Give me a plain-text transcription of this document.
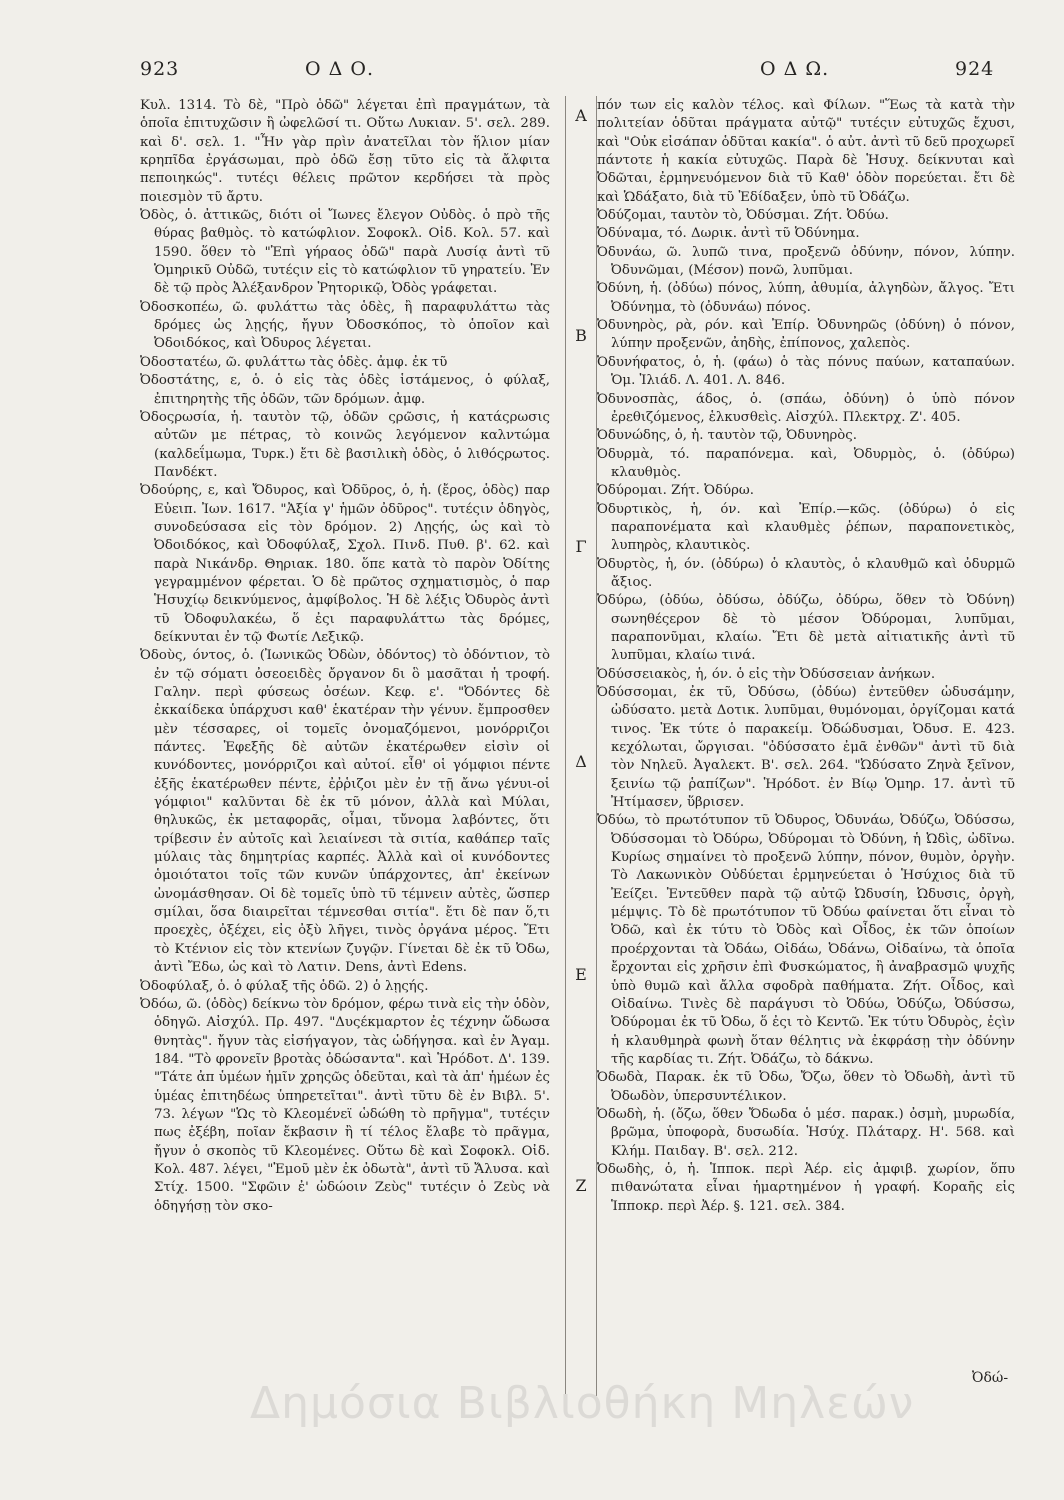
923	Ο Δ Ο.	Ο Δ Ω.	924

Κυλ. 1314. Τὸ δὲ, "Πρὸ ὁδῶ" λέγεται ἐπὶ πραγμάτων, τὰ ὁποῖα ἐπιτυχῶσιν ἢ ὠφελῶσί τι. Οὕτω Λυκιαν. 5'. σελ. 289. καὶ δ'. σελ. 1. "Ἦν γὰρ πρὶν ἀνατεῖλαι τὸν ἥλιον μίαν κρηπῖδα ἐργάσωμαι, πρὸ ὁδῶ ἔσῃ τῦτο εἰς τὰ ἄλφιτα πεποιηκώς". τυτέςι θέλεις πρῶτον κερδήσει τὰ πρὸς ποιεσμὸν τῦ ἄρτυ.

Ὀδὸς, ὁ. ἀττικῶς, διότι οἱ Ἴωνες ἔλεγον Οὐδὸς. ὁ πρὸ τῆς θύρας βαθμὸς. τὸ κατώφλιον. Σοφοκλ. Οἰδ. Κολ. 57. καὶ 1590. ὅθεν τὸ "Ἐπὶ γήραος ὀδῶ" παρὰ Λυσίᾳ ἀντὶ τῦ Ὁμηρικῦ Οὐδῶ, τυτέςιν εἰς τὸ κατώφλιον τῦ γηρατείυ. Ἐν δὲ τῷ πρὸς Ἀλέξανδρον Ῥητορικῷ, Ὀδὸς γράφεται.

Ὀδοσκοπέω, ῶ. φυλάττω τὰς ὁδὲς, ἢ παραφυλάττω τὰς δρόμες ὡς λῃςής, ἤγυν Ὀδοσκόπος, τὸ ὁποῖον καὶ Ὀδοιδόκος, καὶ Ὀδυρος λέγεται.

Ὀδοστατέω, ῶ. φυλάττω τὰς ὁδὲς. ἀμφ. ἐκ τῦ

Ὀδοστάτης, ε, ὁ. ὁ εἰς τὰς ὁδὲς ἱστάμενος, ὁ φύλαξ, ἐπιτηρητὴς τῆς ὁδῶν, τῶν δρόμων. ἀμφ.

Ὀδοςρωσία, ἡ. ταυτὸν τῷ, ὁδῶν ςρῶσις, ἡ κατάςρωσις αὐτῶν με πέτρας, τὸ κοινῶς λεγόμενον καλντώμα (καλδεΐμωμα, Τυρκ.) ἔτι δὲ βασιλικὴ ὁδὸς, ὁ λιθόςρωτος. Πανδέκτ.

Ὀδούρης, ε, καὶ Ὄδυρος, καὶ Ὀδῦρος, ὁ, ἡ. (ἔρος, ὁδὸς) παρ Εὐειπ. Ἰων. 1617. "Ἀξία γ' ἡμῶν ὀδῦρος". τυτέςιν ὁδηγὸς, συνοδεύσασα εἰς τὸν δρόμον. 2) Λῃςής, ὡς καὶ τὸ Ὀδοιδόκος, καὶ Ὀδοφύλαξ, Σχολ. Πινδ. Πυθ. β'. 62. καὶ παρὰ Νικάνδρ. Θηριακ. 180. ὅπε κατὰ τὸ παρὸν Ὀδίτης γεγραμμένον φέρεται. Ὁ δὲ πρῶτος σχηματισμὸς, ὁ παρ Ἡσυχίῳ δεικνύμενος, ἀμφίβολος. Ἡ δὲ λέξις Ὀδυρὸς ἀντὶ τῦ Ὀδοφυλακέω, ὅ ἐςι παραφυλάττω τὰς δρόμες, δείκνυται ἐν τῷ Φωτίε Λεξικῷ.

Ὀδοὺς, όντος, ὁ. (Ἰωνικῶς Ὀδὼν, ὀδόντος) τὸ ὀδόντιον, τὸ ἐν τῷ σόματι ὀσεοειδὲς ὄργανον δι ὃ μασᾶται ἡ τροφή. Γαλην. περὶ φύσεως ὀσέων. Κεφ. ε'. "Ὀδόντες δὲ ἐκκαίδεκα ὑπάρχυσι καθ' ἑκατέραν τὴν γένυν. ἔμπροσθεν μὲν τέσσαρες, οἱ τομεῖς ὀνομαζόμενοι, μονόρριζοι πάντες. Ἐφεξῆς δὲ αὐτῶν ἑκατέρωθεν εἰσὶν οἱ κυνόδοντες, μονόρριζοι καὶ αὐτοί. εἶθ' οἱ γόμφιοι πέντε ἐξῆς ἑκατέρωθεν πέντε, ἐῤῥιζοι μὲν ἐν τῇ ἄνω γένυι-οἱ γόμφιοι" καλῦνται δὲ ἐκ τῦ μόνον, ἀλλὰ καὶ Μύλαι, θηλυκῶς, ἐκ μεταφορᾶς, οἶμαι, τὔνομα λαβόντες, ὅτι τρίβεσιν ἐν αὐτοῖς καὶ λειαίνεσι τὰ σιτία, καθάπερ ταῖς μύλαις τὰς δημητρίας καρπές. Ἀλλὰ καὶ οἱ κυνόδοντες ὁμοιότατοι τοῖς τῶν κυνῶν ὑπάρχοντες, ἀπ' ἐκείνων ὠνομάσθησαν. Οἱ δὲ τομεῖς ὑπὸ τῦ τέμνειν αὐτὲς, ὥσπερ σμίλαι, ὅσα διαιρεῖται τέμνεσθαι σιτία". ἔτι δὲ παν ὅ,τι προεχὲς, ὀξέχει, εἰς ὀξὺ λῆγει, τινὸς ὀργάνα μέρος. Ἔτι τὸ Κτένιον εἰς τὸν κτενίων ζυγῷν. Γίνεται δὲ ἐκ τῦ Ὀδω, ἀντὶ Ἔδω, ὡς καὶ τὸ Λατιν. Dens, ἀντὶ Edens.

Ὀδοφύλαξ, ὁ. ὁ φύλαξ τῆς ὁδῶ. 2) ὁ λῃςής.

Ὀδόω, ῶ. (ὁδὸς) δείκνω τὸν δρόμον, φέρω τινὰ εἰς τὴν ὁδὸν, ὁδηγῶ. Αἰσχύλ. Πρ. 497. "Δυςέκμαρτον ἐς τέχνην ὥδωσα θνητὰς". ἤγυν τὰς εἰσήγαγον, τὰς ὡδήγησα. καὶ ἐν Ἀγαμ. 184. "Τὸ φρονεῖν βροτὰς ὀδώσαντα". καὶ Ἡρόδοτ. Δ'. 139. "Τάτε ἀπ ὑμέων ἡμῖν χρηςῶς ὁδεῦται, καὶ τὰ ἀπ' ἡμέων ἐς ὑμέας ἐπιτηδέως ὑπηρετεῖται". ἀντὶ τῦτυ δὲ ἐν Βιβλ. 5'. 73. λέγων "Ὡς τὸ Κλεομένεϊ ὡδώθη τὸ πρῆγμα", τυτέςιν πως ἐξέβη, ποῖαν ἔκβασιν ἢ τί τέλος ἔλαβε τὸ πρᾶγμα, ἤγυν ὁ σκοπὸς τῦ Κλεομένες. Οὕτω δὲ καὶ Σοφοκλ. Οἰδ. Κολ. 487. λέγει, "Ἐμοῦ μὲν ἐκ ὀδωτὰ", ἀντὶ τῦ Ἄλυσα. καὶ Στίχ. 1500. "Σφῶιν ἐ' ὡδώοιν Ζεὺς" τυτέςιν ὁ Ζεὺς νὰ ὁδηγήσῃ τὸν σκο-

Α
Β
Γ
Δ
Ε
Ζ

πόν των εἰς καλὸν τέλος. καὶ Φίλων. "Ἕως τὰ κατὰ τὴν πολιτείαν ὁδῦται πράγματα αὐτῷ" τυτέςιν εὐτυχῶς ἔχυσι, καὶ "Οὐκ εἰσάπαν ὁδῦται κακία". ὁ αὐτ. ἀντὶ τῦ δεῦ προχωρεῖ πάντοτε ἡ κακία εὐτυχῶς. Παρὰ δὲ Ἡσυχ. δείκνυται καὶ Ὀδῶται, ἐρμηνευόμενον διὰ τῦ Καθ' ὁδὸν πορεύεται. ἔτι δὲ καὶ Ὡδάξατο, διὰ τῦ Ἐδίδαξεν, ὑπὸ τῦ Ὀδάζω.

Ὀδύζομαι, ταυτὸν τὸ, Ὀδύσμαι. Ζήτ. Ὀδύω.

Ὀδύναμα, τό. Δωρικ. ἀντὶ τῦ Ὀδύνημα.

Ὀδυνάω, ῶ. λυπῶ τινα, προξενῶ ὀδύνην, πόνον, λύπην. Ὀδυνῶμαι, (Μέσον) πονῶ, λυπῦμαι.

Ὀδύνη, ἡ. (ὀδύω) πόνος, λύπη, ἀθυμία, ἀλγηδὼν, ἄλγος. Ἔτι Ὀδύνημα, τὸ (ὀδυνάω) πόνος.

Ὀδυνηρὸς, ρὰ, ρόν. καὶ Ἐπίρ. Ὀδυνηρῶς (ὀδύνη) ὁ πόνον, λύπην προξενῶν, ἀηδὴς, ἐπίπονος, χαλεπὸς.

Ὀδυνήφατος, ὁ, ἡ. (φάω) ὁ τὰς πόνυς παύων, καταπαύων. Ὁμ. Ἰλιάδ. Λ. 401. Λ. 846.

Ὀδυνοσπὰς, άδος, ὁ. (σπάω, ὀδύνη) ὁ ὑπὸ πόνον ἐρεθιζόμενος, ἑλκυσθεὶς. Αἰσχύλ. Πλεκτρχ. Ζ'. 405.

Ὀδυνώδης, ὁ, ἡ. ταυτὸν τῷ, Ὀδυνηρὸς.

Ὀδυρμὰ, τό. παραπόνεμα. καὶ, Ὀδυρμὸς, ὁ. (ὀδύρω) κλαυθμὸς.

Ὀδύρομαι. Ζήτ. Ὀδύρω.

Ὀδυρτικὸς, ἡ, όν. καὶ Ἐπίρ.—κῶς. (ὀδύρω) ὁ εἰς παραπονέματα καὶ κλαυθμὲς ῥέπων, παραπονετικὸς, λυπηρὸς, κλαυτικὸς.

Ὀδυρτὸς, ἡ, όν. (ὀδύρω) ὁ κλαυτὸς, ὁ κλαυθμῶ καὶ ὀδυρμῶ ἄξιος.

Ὀδύρω, (ὀδύω, ὀδύσω, ὀδύζω, ὀδύρω, ὅθεν τὸ Ὀδύνη) σωνηθέςερον δὲ τὸ μέσον Ὀδύρομαι, λυπῦμαι, παραπονῦμαι, κλαίω. Ἔτι δὲ μετὰ αἰτιατικῆς ἀντὶ τῦ λυπῦμαι, κλαίω τινά.

Ὀδύσσειακὸς, ἡ, όν. ὁ εἰς τὴν Ὀδύσσειαν ἀνήκων.

Ὀδύσσομαι, ἐκ τῦ, Ὀδύσω, (ὀδύω) ἐντεῦθεν ὡδυσάμην, ὠδύσατο. μετὰ Δοτικ. λυπῦμαι, θυμόνομαι, ὀργίζομαι κατά τινος. Ἐκ τύτε ὁ παρακείμ. Ὀδώδυσμαι, Ὀδυσ. Ε. 423. κεχόλωται, ὤργισαι. "ὀδύσσατο ἐμᾶ ἐνθῶν" ἀντὶ τῦ διὰ τὸν Νηλεῦ. Ἀγαλεκτ. Β'. σελ. 264. "Ὠδύσατο Ζηνὰ ξεῖνον, ξεινίω τῷ ῥαπίζων". Ἡρόδοτ. ἐν Βίῳ Ὁμηρ. 17. ἀντὶ τῦ Ἠτίμασεν, ὕβρισεν.

Ὀδύω, τὸ πρωτότυπον τῦ Ὀδυρος, Ὀδυνάω, Ὀδύζω, Ὀδύσσω, Ὀδύσσομαι τὸ Ὀδύρω, Ὀδύρομαι τὸ Ὀδύνη, ἡ Ὠδὶς, ὠδῖνω. Κυρίως σημαίνει τὸ προξενῶ λύπην, πόνον, θυμὸν, ὀργὴν. Τὸ Λακωνικὸν Οὐδύεται ἑρμηνεύεται ὁ Ἡσύχιος διὰ τῦ Ἐείζει. Ἐντεῦθεν παρὰ τῷ αὐτῷ Ὠδυσίη, Ὠδυσις, ὀργὴ, μέμψις. Τὸ δὲ πρωτότυπον τῦ Ὀδύω φαίνεται ὅτι εἶναι τὸ Ὀδῶ, καὶ ἐκ τύτυ τὸ Ὀδὸς καὶ Οἶδος, ἐκ τῶν ὁποίων προέρχονται τὰ Ὀδάω, Οἰδάω, Ὀδάνω, Οἰδαίνω, τὰ ὁποῖα ἔρχονται εἰς χρῆσιν ἐπὶ Φυσκώματος, ἢ ἀναβρασμῶ ψυχῆς ὑπὸ θυμῶ καὶ ἄλλα σφοδρὰ παθήματα. Ζήτ. Οἶδος, καὶ Οἰδαίνω. Τινὲς δὲ παράγυσι τὸ Ὀδύω, Ὀδύζω, Ὀδύσσω, Ὀδύρομαι ἐκ τῦ Ὀδω, ὅ ἐςι τὸ Κεντῶ. Ἐκ τύτυ Ὀδυρὸς, ἐςὶν ἡ κλαυθμηρὰ φωνὴ ὅταν θέλητις νὰ ἐκφράσῃ τὴν ὀδύνην τῆς καρδίας τι. Ζήτ. Ὀδάζω, τὸ δάκνω.

Ὀδωδὰ, Παρακ. ἐκ τῦ Ὀδω, Ὄζω, ὅθεν τὸ Ὀδωδὴ, ἀντὶ τῦ Ὀδωδὸν, ὑπερσυντέλικον.

Ὀδωδὴ, ἡ. (ὄζω, ὅθεν Ὄδωδα ὁ μέσ. παρακ.) ὀσμὴ, μυρωδία, βρῶμα, ὑποφορὰ, δυσωδία. Ἡσύχ. Πλάταρχ. Η'. 568. καὶ Κλήμ. Παιδαγ. Β'. σελ. 212.

Ὀδωδὴς, ὁ, ἡ. Ἱπποκ. περὶ Ἀέρ. εἰς ἀμφιβ. χωρίον, ὅπυ πιθανώτατα εἶναι ἡμαρτημένον ἡ γραφή. Κοραῆς εἰς Ἱπποκρ. περὶ Ἀέρ. §. 121. σελ. 384.

Ὀδώ-
Δημόσια Βιβλιοθήκη Μηλεών
